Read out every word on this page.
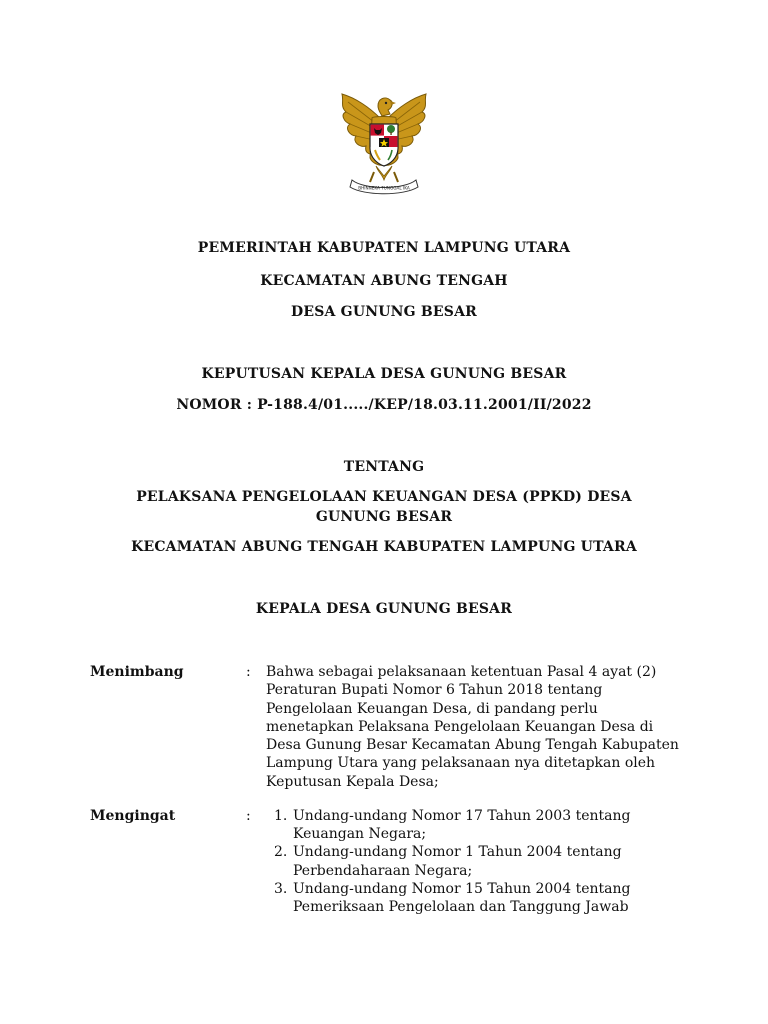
BHINNEKA TUNGGAL IKA
PEMERINTAH KABUPATEN LAMPUNG UTARA
KECAMATAN ABUNG TENGAH
DESA GUNUNG BESAR
KEPUTUSAN KEPALA DESA GUNUNG BESAR
NOMOR : P-188.4/01...../KEP/18.03.11.2001/II/2022
TENTANG
PELAKSANA PENGELOLAAN KEUANGAN DESA (PPKD) DESA GUNUNG BESAR
KECAMATAN ABUNG TENGAH KABUPATEN LAMPUNG UTARA
KEPALA DESA GUNUNG BESAR
Menimbang	: Bahwa sebagai pelaksanaan ketentuan Pasal 4 ayat (2) Peraturan Bupati Nomor 6 Tahun 2018 tentang Pengelolaan Keuangan Desa, di pandang perlu menetapkan Pelaksana Pengelolaan Keuangan Desa di Desa Gunung Besar Kecamatan Abung Tengah Kabupaten Lampung Utara yang pelaksanaan nya ditetapkan oleh Keputusan Kepala Desa;
Mengingat	: 1. Undang-undang Nomor 17 Tahun 2003 tentang Keuangan Negara;
2. Undang-undang Nomor 1 Tahun 2004 tentang Perbendaharaan Negara;
3. Undang-undang Nomor 15 Tahun 2004 tentang Pemeriksaan Pengelolaan dan Tanggung Jawab
